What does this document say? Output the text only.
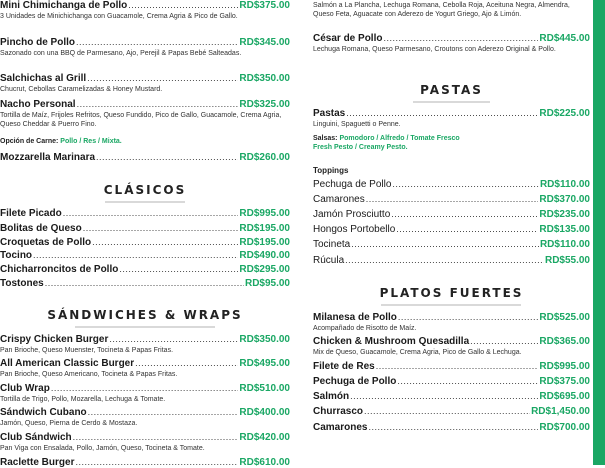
Mini Chimichanga de Pollo .....	RD$375.00
3 Unidades de Minichichanga con Guacamole, Crema Agria & Pico de Gallo.
Pincho de Pollo .....	RD$345.00
Sazonado con una BBQ de Parmesano, Ajo, Perejil & Papas Bebé Salteadas.
Salchichas al Grill .....	RD$350.00
Chucrut, Cebollas Caramelizadas & Honey Mustard.
Nacho Personal .....	RD$325.00
Tortilla de Maíz, Frijoles Refritos, Queso Fundido, Pico de Gallo, Guacamole, Crema Agria, Queso Cheddar & Puerro Fino.
Opción de Carne: Pollo / Res / Mixta.
Mozzarella Marinara .....	RD$260.00
CLÁSICOS
Filete Picado .....	RD$995.00
Bolitas de Queso .....	RD$195.00
Croquetas de Pollo .....	RD$195.00
Tocino .....	RD$490.00
Chicharroncitos de Pollo .....	RD$295.00
Tostones .....	RD$95.00
SÁNDWICHES & WRAPS
Crispy Chicken Burger .....	RD$350.00
Pan Brioche, Queso Muenster, Tocineta & Papas Fritas.
All American Classic Burger .....	RD$495.00
Pan Brioche, Queso Americano, Tocineta & Papas Fritas.
Club Wrap .....	RD$510.00
Tortilla de Trigo, Pollo, Mozarella, Lechuga & Tomate.
Sándwich Cubano .....	RD$400.00
Jamón, Queso, Pierna de Cerdo & Mostaza.
Club Sándwich .....	RD$420.00
Pan Viga con Ensalada, Pollo, Jamón, Queso, Tocineta & Tomate.
Raclette Burger .....	RD$610.00
Salmón a La Plancha, Lechuga Romana, Cebolla Roja, Aceituna Negra, Almendra, Queso Feta, Aguacate con Aderezo de Yogurt Griego, Ajo & Limón.
César de Pollo .....	RD$445.00
Lechuga Romana, Queso Parmesano, Croutons con Aderezo Original & Pollo.
PASTAS
Pastas .....	RD$225.00
Linguini, Spaguetti o Penne.
Salsas: Pomodoro / Alfredo / Tomate Fresco
Fresh Pesto / Creamy Pesto.
Toppings
Pechuga de Pollo .....	RD$110.00
Camarones .....	RD$370.00
Jamón Prosciutto .....	RD$235.00
Hongos Portobello .....	RD$135.00
Tocineta .....	RD$110.00
Rúcula .....	RD$55.00
PLATOS FUERTES
Milanesa de Pollo .....	RD$525.00
Acompañado de Risotto de Maíz.
Chicken & Mushroom Quesadilla .....	RD$365.00
Mix de Queso, Guacamole, Crema Agria, Pico de Gallo & Lechuga.
Filete de Res .....	RD$995.00
Pechuga de Pollo .....	RD$375.00
Salmón .....	RD$695.00
Churrasco .....	RD$1,450.00
Camarones .....	RD$700.00
